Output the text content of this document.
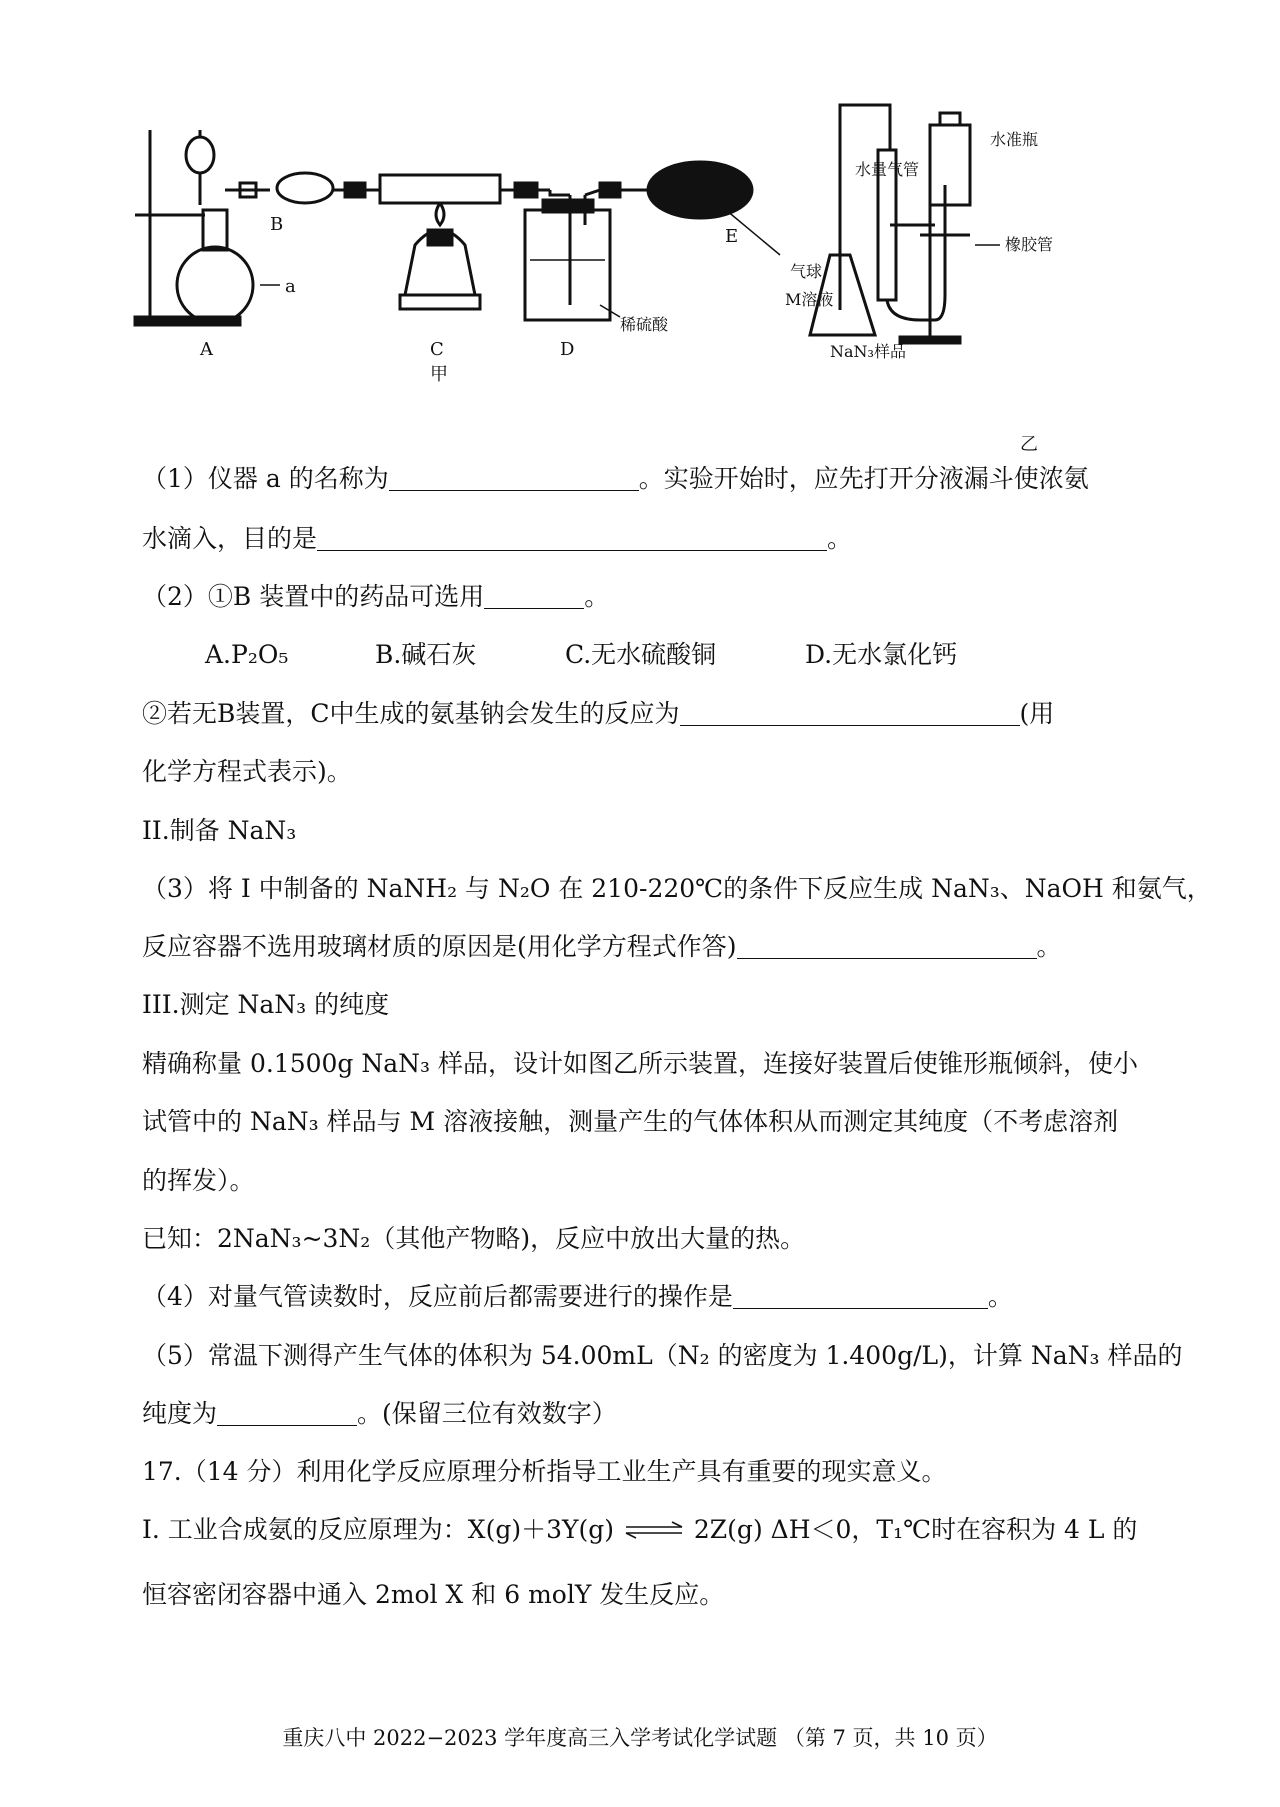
A
B
C	D
E
a
甲
乙
气球
稀硫酸
水量气管
水准瓶
橡胶管
M溶液
NaN₃样品
（1）仪器 a 的名称为	。实验开始时，应先打开分液漏斗使浓氨
水滴入，目的是	。
（2）①B 装置中的药品可选用	。
A.P₂O₅	B.碱石灰	C.无水硫酸铜	D.无水氯化钙
②若无B装置，C中生成的氨基钠会发生的反应为	(用
化学方程式表示)。
II.制备 NaN₃
（3）将 I 中制备的 NaNH₂ 与 N₂O 在 210-220℃的条件下反应生成 NaN₃、NaOH 和氨气，
反应容器不选用玻璃材质的原因是(用化学方程式作答)	。
III.测定 NaN₃ 的纯度
精确称量 0.1500g NaN₃ 样品，设计如图乙所示装置，连接好装置后使锥形瓶倾斜，使小
试管中的 NaN₃ 样品与 M 溶液接触，测量产生的气体体积从而测定其纯度（不考虑溶剂
的挥发）。
已知：2NaN₃~3N₂（其他产物略)，反应中放出大量的热。
（4）对量气管读数时，反应前后都需要进行的操作是	。
（5）常温下测得产生气体的体积为 54.00mL（N₂ 的密度为 1.400g/L)，计算 NaN₃ 样品的
纯度为	。(保留三位有效数字）
17.（14 分）利用化学反应原理分析指导工业生产具有重要的现实意义。
Ⅰ. 工业合成氨的反应原理为：X(g)＋3Y(g) ⇌ 2Z(g) ΔH＜0，T₁℃时在容积为 4 L 的
恒容密闭容器中通入 2mol X 和 6 molY 发生反应。
重庆八中 2022−2023 学年度高三入学考试化学试题 （第 7 页，共 10 页）
